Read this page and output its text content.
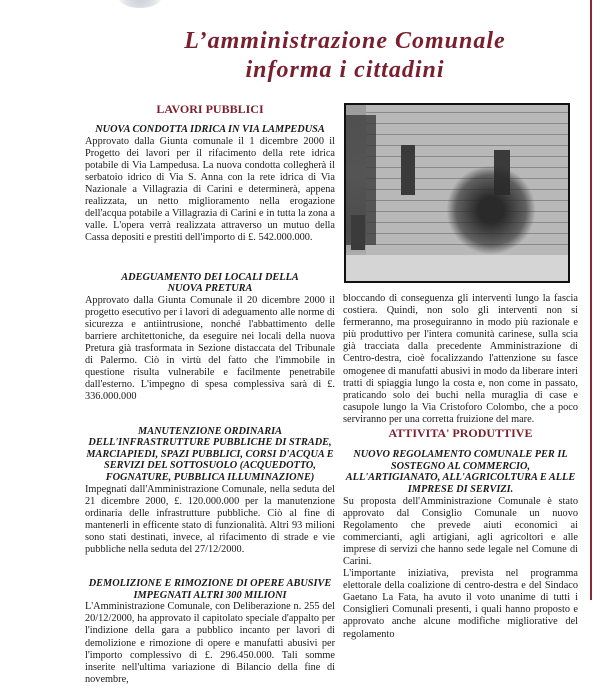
L’amministrazione Comunale
informa i cittadini
LAVORI PUBBLICI
NUOVA CONDOTTA IDRICA IN VIA LAMPEDUSA

Approvato dalla Giunta comunale il 1 dicembre 2000 il Progetto dei lavori per il rifacimento della rete idrica potabile di Via Lampedusa. La nuova condotta collegherà il serbatoio idrico di Via S. Anna con la rete idrica di Via Nazionale a Villagrazia di Carini e determinerà, appena realizzata, un netto miglioramento nella erogazione dell'acqua potabile a Villagrazia di Carini e in tutta la zona a valle. L'opera verrà realizzata attraverso un mutuo della Cassa depositi e prestiti dell'importo di £. 542.000.000.

ADEGUAMENTO DEI LOCALI DELLA
NUOVA PRETURA

Approvato dalla Giunta Comunale il 20 dicembre 2000 il progetto esecutivo per i lavori di adeguamento alle norme di sicurezza e antiintrusione, nonché l'abbattimento delle barriere architettoniche, da eseguire nei locali della nuova Pretura già trasformata in Sezione distaccata del Tribunale di Palermo. Ciò in virtù del fatto che l'immobile in questione risulta vulnerabile e facilmente penetrabile dall'esterno. L'impegno di spesa complessiva sarà di £. 336.000.000

MANUTENZIONE ORDINARIA
DELL'INFRASTRUTTURE PUBBLICHE DI STRADE,
MARCIAPIEDI, SPAZI PUBBLICI, CORSI D'ACQUA E
SERVIZI DEL SOTTOSUOLO (ACQUEDOTTO,
FOGNATURE, PUBBLICA ILLUMINAZIONE)

Impegnati dall'Amministrazione Comunale, nella seduta del 21 dicembre 2000, £. 120.000.000 per la manutenzione ordinaria delle infrastrutture pubbliche. Ciò al fine di mantenerli in efficente stato di funzionalità. Altri 93 milioni sono stati destinati, invece, al rifacimento di strade e vie pubbliche nella seduta del 27/12/2000.

DEMOLIZIONE E RIMOZIONE DI OPERE ABUSIVE
IMPEGNATI ALTRI 300 MILIONI

L'Amministrazione Comunale, con Deliberazione n. 255 del 20/12/2000, ha approvato il capitolato speciale d'appalto per l'indizione della gara a pubblico incanto per lavori di demolizione e rimozione di opere e manufatti abusivi per l'importo complessivo di £. 296.450.000. Tali somme inserite nell'ultima variazione di Bilancio della fine di novembre,

bloccando di conseguenza gli interventi lungo la fascia costiera. Quindi, non solo gli interventi non si fermeranno, ma proseguiranno in modo più razionale e più produttivo per l'intera comunità carinese, sulla scia già tracciata dalla precedente Amministrazione di Centro-destra, cioè focalizzando l'attenzione su fasce omogenee di manufatti abusivi in modo da liberare interi tratti di spiaggia lungo la costa e, non come in passato, praticando solo dei buchi nella muraglia di case e casupole lungo la Via Cristoforo Colombo, che a poco serviranno per una corretta fruizione del mare.

ATTIVITA' PRODUTTIVE
NUOVO REGOLAMENTO COMUNALE PER IL
SOSTEGNO AL COMMERCIO,
ALL'ARTIGIANATO, ALL'AGRICOLTURA E ALLE
IMPRESE DI SERVIZI.

Su proposta dell'Amministrazione Comunale è stato approvato dal Consiglio Comunale un nuovo Regolamento che prevede aiuti economici ai commercianti, agli artigiani, agli agricoltori e alle imprese di servizi che hanno sede legale nel Comune di Carini.

L'importante iniziativa, prevista nel programma elettorale della coalizione di centro-destra e del Sindaco Gaetano La Fata, ha avuto il voto unanime di tutti i Consiglieri Comunali presenti, i quali hanno proposto e approvato anche alcune modifiche migliorative del regolamento
